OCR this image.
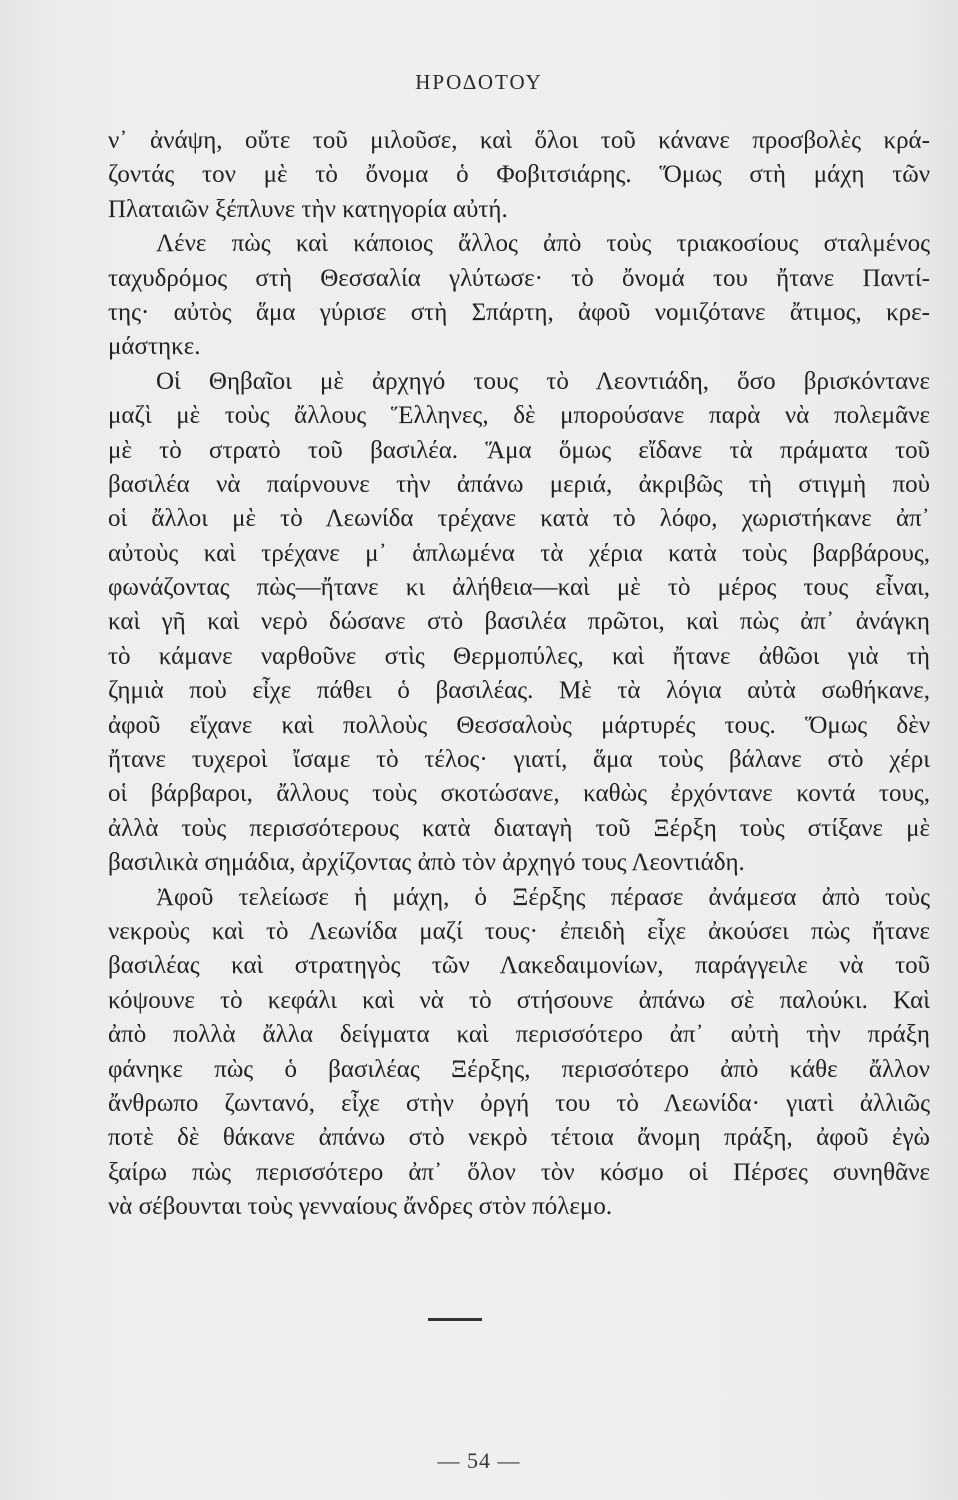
ΗΡΟΔΟΤΟΥ
ν᾽ ἀνάψη, οὔτε τοῦ μιλοῦσε, καὶ ὅλοι τοῦ κάνανε προσβολὲς κρά-
ζοντάς τον μὲ τὸ ὄνομα ὁ Φοβιτσιάρης. Ὅμως στὴ μάχη τῶν
Πλαταιῶν ξέπλυνε τὴν κατηγορία αὐτή.
Λένε πὼς καὶ κάποιος ἄλλος ἀπὸ τοὺς τριακοσίους σταλμένος
ταχυδρόμος στὴ Θεσσαλία γλύτωσε· τὸ ὄνομά του ἤτανε Παντί-
της· αὐτὸς ἅμα γύρισε στὴ Σπάρτη, ἀφοῦ νομιζότανε ἄτιμος, κρε-
μάστηκε.
Οἱ Θηβαῖοι μὲ ἀρχηγό τους τὸ Λεοντιάδη, ὅσο βρισκόντανε
μαζὶ μὲ τοὺς ἄλλους Ἕλληνες, δὲ μπορούσανε παρὰ νὰ πολεμᾶνε
μὲ τὸ στρατὸ τοῦ βασιλέα. Ἅμα ὅμως εἴδανε τὰ πράματα τοῦ
βασιλέα νὰ παίρνουνε τὴν ἀπάνω μεριά, ἀκριβῶς τὴ στιγμὴ ποὺ
οἱ ἄλλοι μὲ τὸ Λεωνίδα τρέχανε κατὰ τὸ λόφο, χωριστήκανε ἀπ᾽
αὐτοὺς καὶ τρέχανε μ᾽ ἁπλωμένα τὰ χέρια κατὰ τοὺς βαρβάρους,
φωνάζοντας πὼς—ἤτανε κι ἀλήθεια—καὶ μὲ τὸ μέρος τους εἶναι,
καὶ γῆ καὶ νερὸ δώσανε στὸ βασιλέα πρῶτοι, καὶ πὼς ἀπ᾽ ἀνάγκη
τὸ κάμανε ναρθοῦνε στὶς Θερμοπύλες, καὶ ἤτανε ἀθῶοι γιὰ τὴ
ζημιὰ ποὺ εἶχε πάθει ὁ βασιλέας. Μὲ τὰ λόγια αὐτὰ σωθήκανε,
ἀφοῦ εἴχανε καὶ πολλοὺς Θεσσαλοὺς μάρτυρές τους. Ὅμως δὲν
ἤτανε τυχεροὶ ἴσαμε τὸ τέλος· γιατί, ἅμα τοὺς βάλανε στὸ χέρι
οἱ βάρβαροι, ἄλλους τοὺς σκοτώσανε, καθὼς ἐρχόντανε κοντά τους,
ἀλλὰ τοὺς περισσότερους κατὰ διαταγὴ τοῦ Ξέρξη τοὺς στίξανε μὲ
βασιλικὰ σημάδια, ἀρχίζοντας ἀπὸ τὸν ἀρχηγό τους Λεοντιάδη.
Ἀφοῦ τελείωσε ἡ μάχη, ὁ Ξέρξης πέρασε ἀνάμεσα ἀπὸ τοὺς
νεκροὺς καὶ τὸ Λεωνίδα μαζί τους· ἐπειδὴ εἶχε ἀκούσει πὼς ἤτανε
βασιλέας καὶ στρατηγὸς τῶν Λακεδαιμονίων, παράγγειλε νὰ τοῦ
κόψουνε τὸ κεφάλι καὶ νὰ τὸ στήσουνε ἀπάνω σὲ παλούκι. Καὶ
ἀπὸ πολλὰ ἄλλα δείγματα καὶ περισσότερο ἀπ᾽ αὐτὴ τὴν πράξη
φάνηκε πὼς ὁ βασιλέας Ξέρξης, περισσότερο ἀπὸ κάθε ἄλλον
ἄνθρωπο ζωντανό, εἶχε στὴν ὀργή του τὸ Λεωνίδα· γιατὶ ἀλλιῶς
ποτὲ δὲ θάκανε ἀπάνω στὸ νεκρὸ τέτοια ἄνομη πράξη, ἀφοῦ ἐγὼ
ξαίρω πὼς περισσότερο ἀπ᾽ ὅλον τὸν κόσμο οἱ Πέρσες συνηθᾶνε
νὰ σέβουνται τοὺς γενναίους ἄνδρες στὸν πόλεμο.
— 54 —
